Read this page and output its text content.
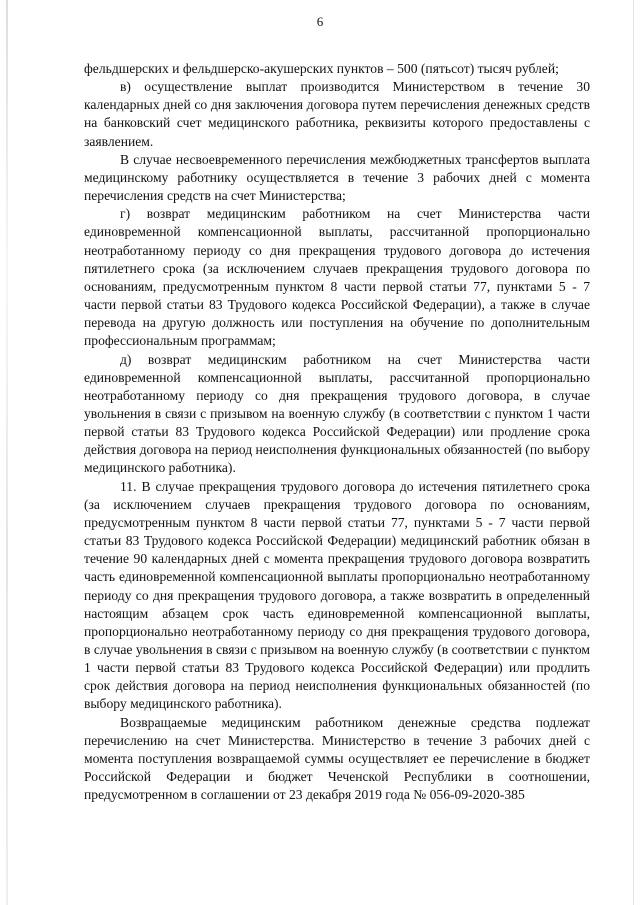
6

фельдшерских и фельдшерско-акушерских пунктов – 500 (пятьсот) тысяч рублей;

в) осуществление выплат производится Министерством в течение 30 календарных дней со дня заключения договора путем перечисления денежных средств на банковский счет медицинского работника, реквизиты которого предоставлены с заявлением.

В случае несвоевременного перечисления межбюджетных трансфертов выплата медицинскому работнику осуществляется в течение 3 рабочих дней с момента перечисления средств на счет Министерства;

г) возврат медицинским работником на счет Министерства части единовременной компенсационной выплаты, рассчитанной пропорционально неотработанному периоду со дня прекращения трудового договора до истечения пятилетнего срока (за исключением случаев прекращения трудового договора по основаниям, предусмотренным пунктом 8 части первой статьи 77, пунктами 5 - 7 части первой статьи 83 Трудового кодекса Российской Федерации), а также в случае перевода на другую должность или поступления на обучение по дополнительным профессиональным программам;

д) возврат медицинским работником на счет Министерства части единовременной компенсационной выплаты, рассчитанной пропорционально неотработанному периоду со дня прекращения трудового договора, в случае увольнения в связи с призывом на военную службу (в соответствии с пунктом 1 части первой статьи 83 Трудового кодекса Российской Федерации) или продление срока действия договора на период неисполнения функциональных обязанностей (по выбору медицинского работника).

11. В случае прекращения трудового договора до истечения пятилетнего срока (за исключением случаев прекращения трудового договора по основаниям, предусмотренным пунктом 8 части первой статьи 77, пунктами 5 - 7 части первой статьи 83 Трудового кодекса Российской Федерации) медицинский работник обязан в течение 90 календарных дней с момента прекращения трудового договора возвратить часть единовременной компенсационной выплаты пропорционально неотработанному периоду со дня прекращения трудового договора, а также возвратить в определенный настоящим абзацем срок часть единовременной компенсационной выплаты, пропорционально неотработанному периоду со дня прекращения трудового договора, в случае увольнения в связи с призывом на военную службу (в соответствии с пунктом 1 части первой статьи 83 Трудового кодекса Российской Федерации) или продлить срок действия договора на период неисполнения функциональных обязанностей (по выбору медицинского работника).

Возвращаемые медицинским работником денежные средства подлежат перечислению на счет Министерства. Министерство в течение 3 рабочих дней с момента поступления возвращаемой суммы осуществляет ее перечисление в бюджет Российской Федерации и бюджет Чеченской Республики в соотношении, предусмотренном в соглашении от 23 декабря 2019 года № 056-09-2020-385
